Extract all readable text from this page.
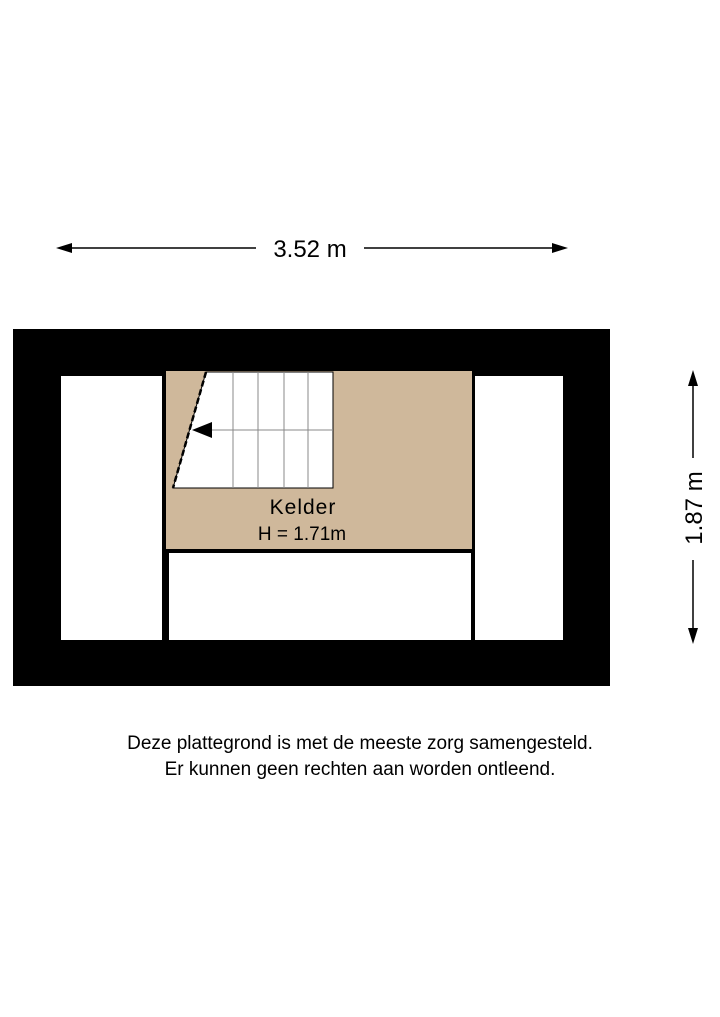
3.52 m
1.87 m
Kelder
H = 1.71m
Deze plattegrond is met de meeste zorg samengesteld.
Er kunnen geen rechten aan worden ontleend.
